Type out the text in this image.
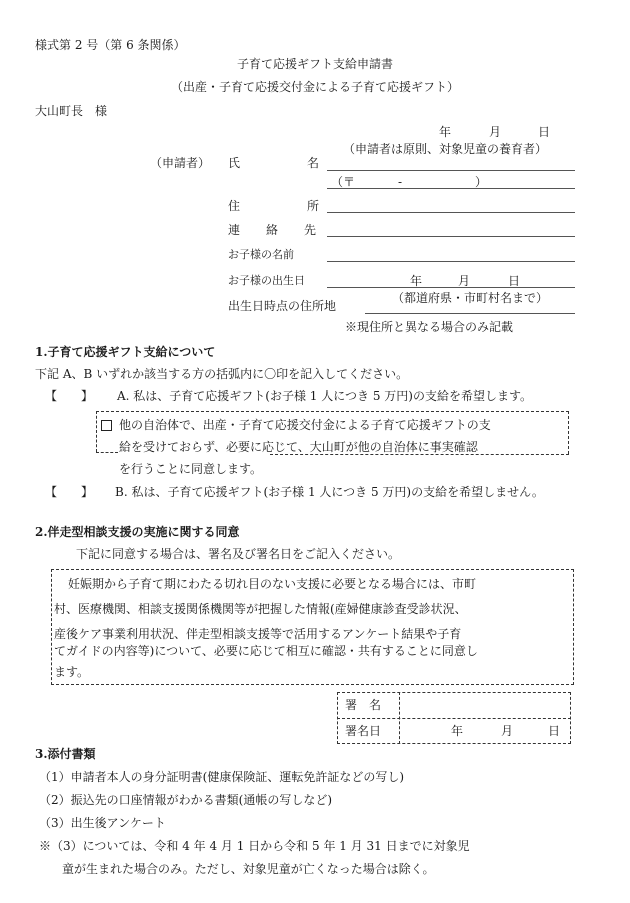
様式第 2 号（第 6 条関係）
子育て応援ギフト支給申請書
（出産・子育て応援交付金による子育て応援ギフト）
大山町長　様
年	月	日
（申請者は原則、対象児童の養育者）
（申請者） 氏	名
（〒	-	）
住	所
連 絡 先
お子様の名前
お子様の出生日	年	月	日
（都道府県・市町村名まで）
出生日時点の住所地
※現住所と異なる場合のみ記載
1.子育て応援ギフト支給について
下記 A、B いずれか該当する方の括弧内に〇印を記入してください。
【　　】 A. 私は、子育て応援ギフト(お子様 1 人につき 5 万円)の支給を希望します。
他の自治体で、出産・子育て応援交付金による子育て応援ギフトの支
給を受けておらず、必要に応じて、大山町が他の自治体に事実確認
を行うことに同意します。
【　　】 B. 私は、子育て応援ギフト(お子様 1 人につき 5 万円)の支給を希望しません。
2.伴走型相談支援の実施に関する同意
下記に同意する場合は、署名及び署名日をご記入ください。
妊娠期から子育て期にわたる切れ目のない支援に必要となる場合には、市町
村、医療機関、相談支援関係機関等が把握した情報(産婦健康診査受診状況、
産後ケア事業利用状況、伴走型相談支援等で活用するアンケート結果や子育
てガイドの内容等)について、必要に応じて相互に確認・共有することに同意し
ます。
署　名
署名日	年	月	日
3.添付書類
（1）申請者本人の身分証明書(健康保険証、運転免許証などの写し)
（2）振込先の口座情報がわかる書類(通帳の写しなど)
（3）出生後アンケート
※（3）については、令和 4 年 4 月 1 日から令和 5 年 1 月 31 日までに対象児
童が生まれた場合のみ。ただし、対象児童が亡くなった場合は除く。
